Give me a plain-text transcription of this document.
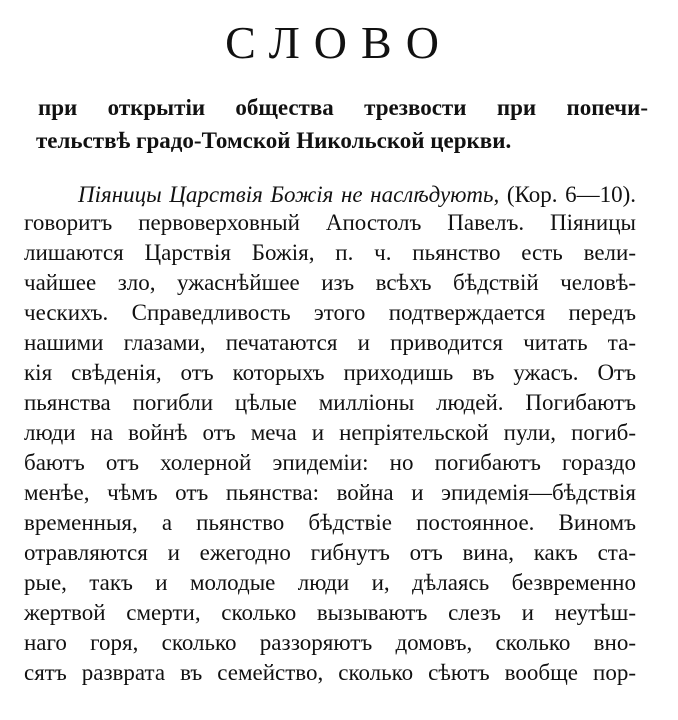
СЛОВО
при открытіи общества трезвости при попечи-
тельствѣ градо-Томской Никольской церкви.
Піяницы Царствія Божія не наслѣдують, (Кор. 6—10).
говоритъ первоверховный Апостолъ Павелъ. Піяницы
лишаются Царствія Божія, п. ч. пьянство есть вели-
чайшее зло, ужаснѣйшее изъ всѣхъ бѣдствій человѣ-
ческихъ. Справедливость этого подтверждается передъ
нашими глазами, печатаются и приводится читать та-
кія свѣденія, отъ которыхъ приходишь въ ужасъ. Отъ
пьянства погибли цѣлые милліоны людей. Погибаютъ
люди на войнѣ отъ меча и непріятельской пули, погиб-
баютъ отъ холерной эпидеміи: но погибаютъ гораздо
менѣе, чѣмъ отъ пьянства: война и эпидемія—бѣдствія
временныя, а пьянство бѣдствіе постоянное. Виномъ
отравляются и ежегодно гибнутъ отъ вина, какъ ста-
рые, такъ и молодые люди и, дѣлаясь безвременно
жертвой смерти, сколько вызываютъ слезъ и неутѣш-
наго горя, сколько раззоряютъ домовъ, сколько вно-
сятъ разврата въ семейство, сколько сѣютъ вообще пор-
